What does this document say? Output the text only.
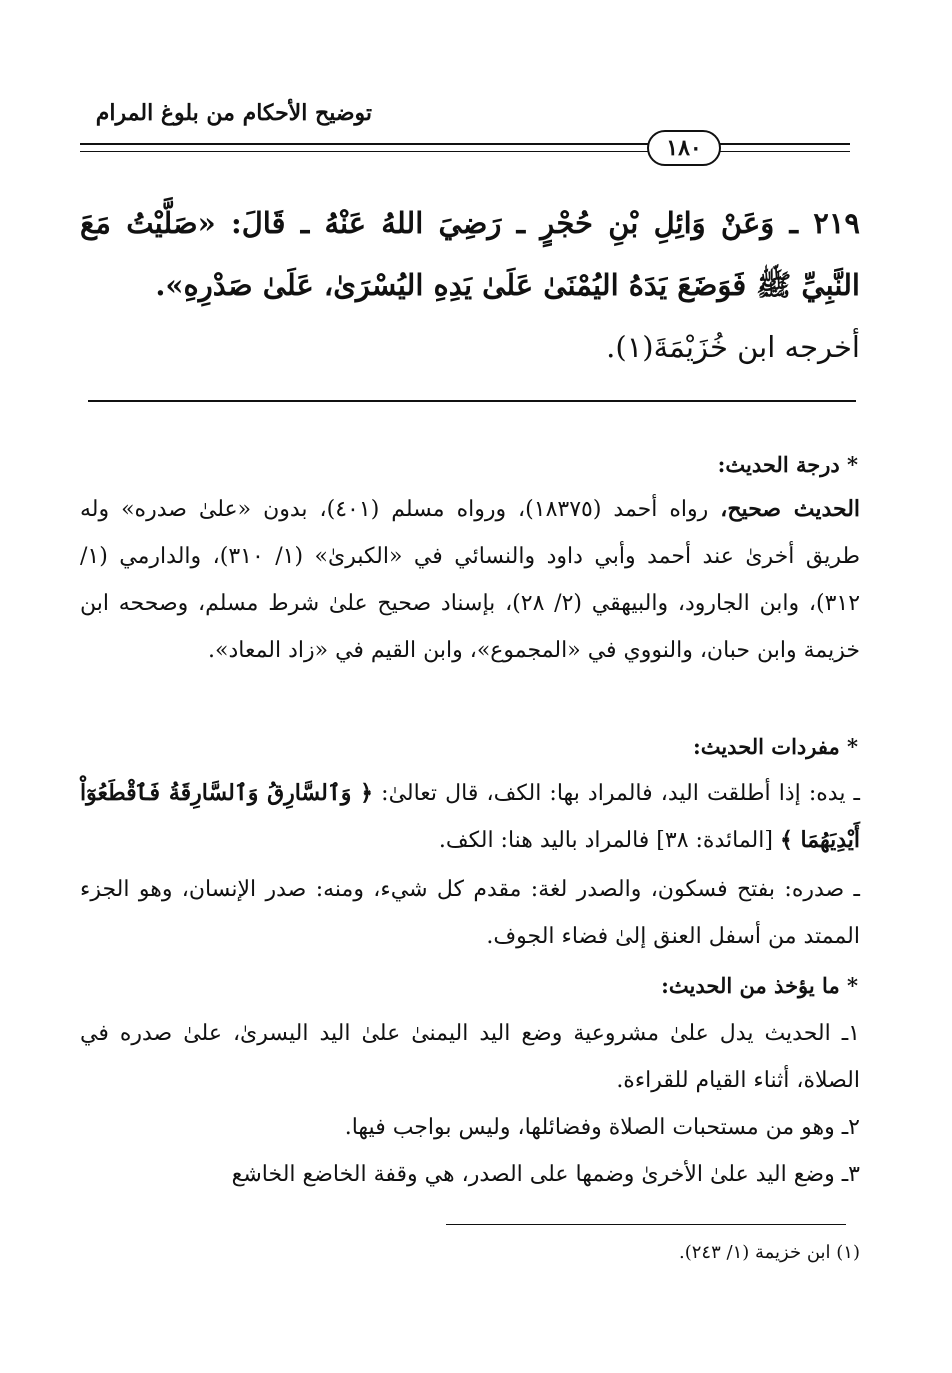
توضيح الأحكام من بلوغ المرام
١٨٠
٢١٩ ـ وَعَنْ وَائِلِ بْنِ حُجْرٍ ـ رَضِيَ اللهُ عَنْهُ ـ قَالَ: «صَلَّيْتُ مَعَ النَّبِيِّ ﷺ فَوَضَعَ يَدَهُ اليُمْنَىٰ عَلَىٰ يَدِهِ اليُسْرَىٰ، عَلَىٰ صَدْرِهِ».
أخرجه ابن خُزَيْمَةَ(١).
* درجة الحديث:
الحديث صحيح، رواه أحمد (١٨٣٧٥)، ورواه مسلم (٤٠١)، بدون «علىٰ صدره» وله طريق أخرىٰ عند أحمد وأبي داود والنسائي في «الكبرىٰ» (١/ ٣١٠)، والدارمي (١/ ٣١٢)، وابن الجارود، والبيهقي (٢/ ٢٨)، بإسناد صحيح علىٰ شرط مسلم، وصححه ابن خزيمة وابن حبان، والنووي في «المجموع»، وابن القيم في «زاد المعاد».
* مفردات الحديث:
ـ يده: إذا أطلقت اليد، فالمراد بها: الكف، قال تعالىٰ: ﴿ وَٱلسَّارِقُ وَٱلسَّارِقَةُ فَٱقْطَعُوٓاْ أَيْدِيَهُمَا ﴾ [المائدة: ٣٨] فالمراد باليد هنا: الكف.
ـ صدره: بفتح فسكون، والصدر لغة: مقدم كل شيء، ومنه: صدر الإنسان، وهو الجزء الممتد من أسفل العنق إلىٰ فضاء الجوف.
* ما يؤخذ من الحديث:
١ـ الحديث يدل علىٰ مشروعية وضع اليد اليمنىٰ علىٰ اليد اليسرىٰ، علىٰ صدره في الصلاة، أثناء القيام للقراءة.
٢ـ وهو من مستحبات الصلاة وفضائلها، وليس بواجب فيها.
٣ـ وضع اليد علىٰ الأخرىٰ وضمها على الصدر، هي وقفة الخاضع الخاشع
(١) ابن خزيمة (١/ ٢٤٣).
